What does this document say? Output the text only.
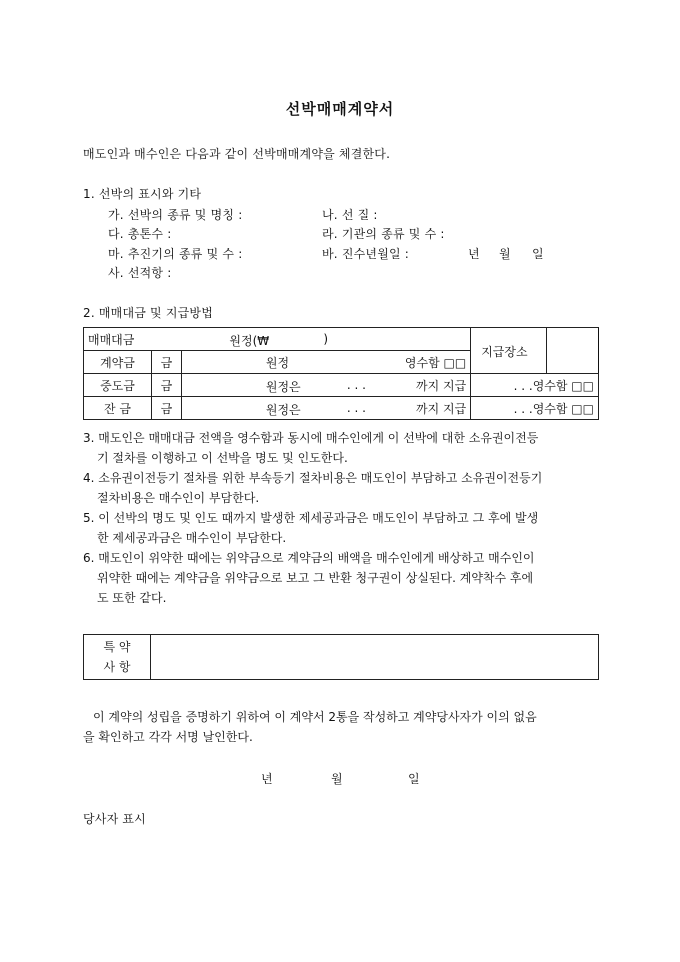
선박매매계약서
매도인과 매수인은 다음과 같이 선박매매계약을 체결한다.
1. 선박의 표시와 기타
가. 선박의 종류 및 명칭 :	나. 선 질 :
다. 총톤수 :	라. 기관의 종류 및 수 :
마. 추진기의 종류 및 수 :	바. 진수년월일 :	년 월 일
사. 선적항 :
2. 매매대금 및 지급방법
매매대금	원정(₩ )			지급장소

계약금	금	원정	영수함 □□	
중도금	금	원정은 . . .	까지 지급	. . .영수함 □□
잔 금	금	원정은 . . .	까지 지급	. . .영수함 □□
3. 매도인은 매매대금 전액을 영수함과 동시에 매수인에게 이 선박에 대한 소유권이전등
기 절차를 이행하고 이 선박을 명도 및 인도한다.
4. 소유권이전등기 절차를 위한 부속등기 절차비용은 매도인이 부담하고 소유권이전등기
절차비용은 매수인이 부담한다.
5. 이 선박의 명도 및 인도 때까지 발생한 제세공과금은 매도인이 부담하고 그 후에 발생
한 제세공과금은 매수인이 부담한다.
6. 매도인이 위약한 때에는 위약금으로 계약금의 배액을 매수인에게 배상하고 매수인이
위약한 때에는 계약금을 위약금으로 보고 그 반환 청구권이 상실된다. 계약착수 후에
도 또한 같다.
특 약
사 항

이 계약의 성립을 증명하기 위하여 이 계약서 2통을 작성하고 계약당사자가 이의 없음
을 확인하고 각각 서명 날인한다.
년	월	일
당사자 표시
